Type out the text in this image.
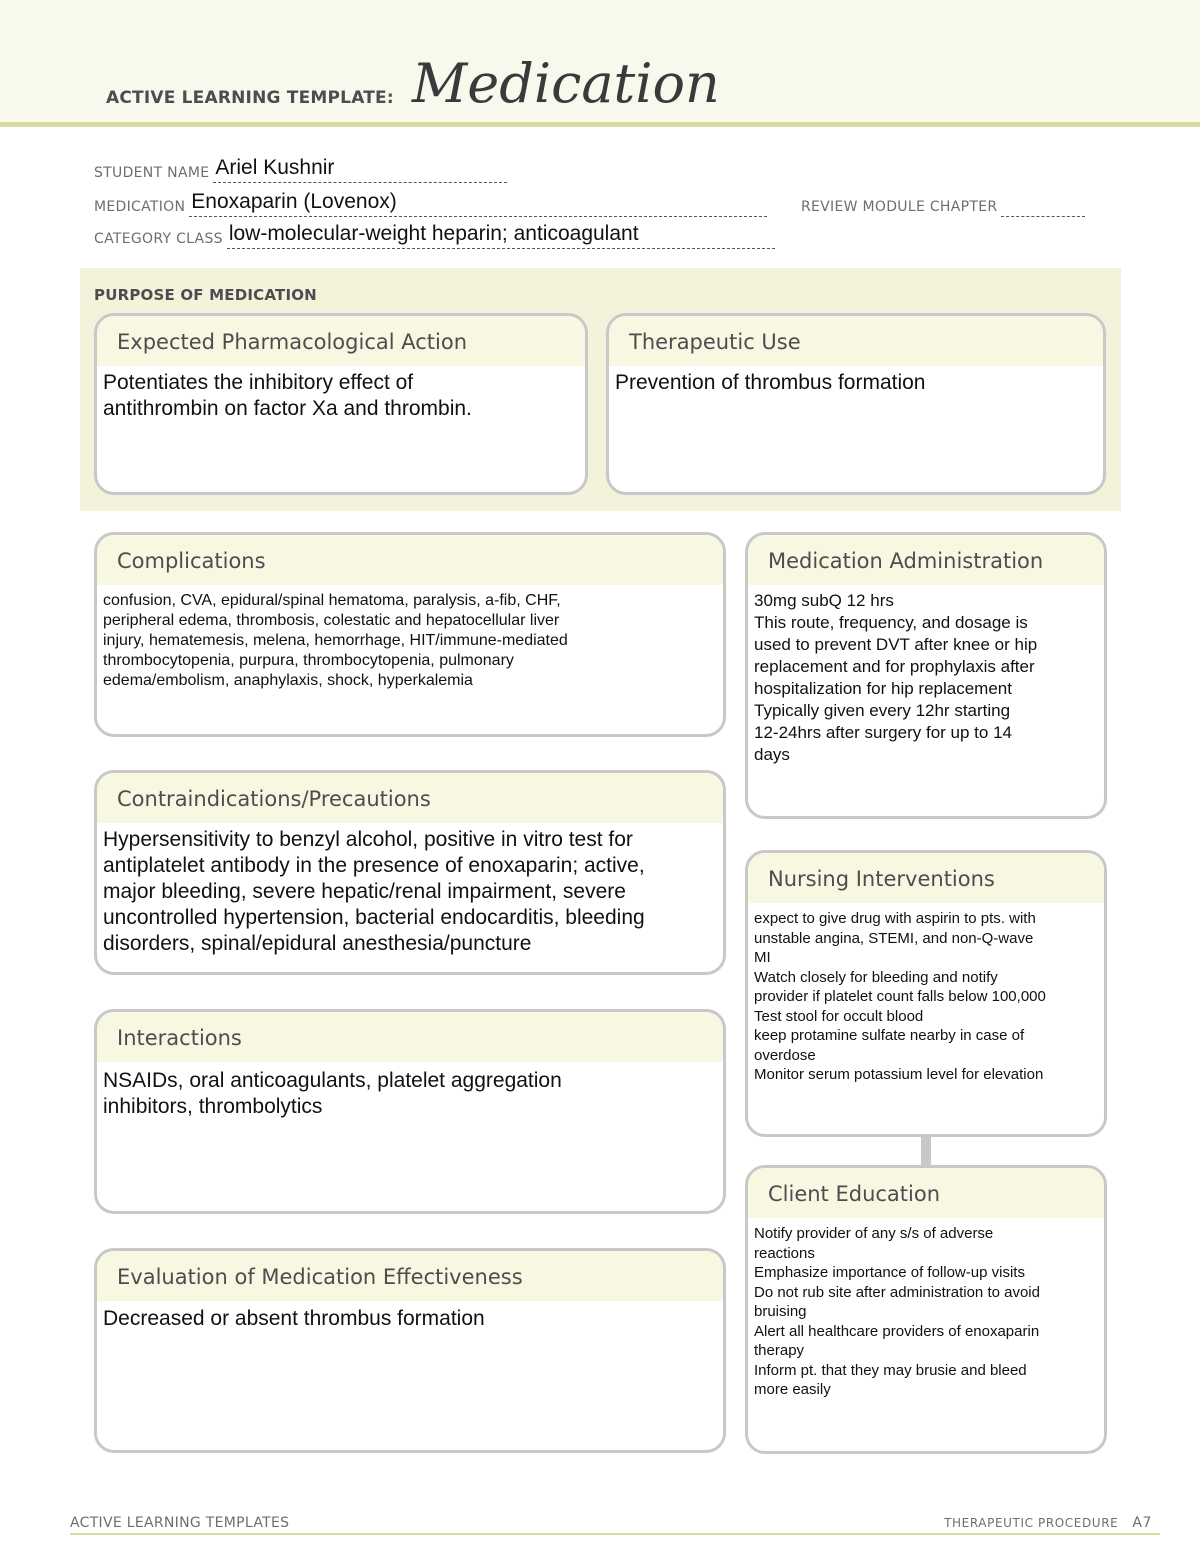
ACTIVE LEARNING TEMPLATE: Medication
STUDENT NAME Ariel Kushnir
MEDICATION Enoxaparin (Lovenox)	REVIEW MODULE CHAPTER
CATEGORY CLASS low-molecular-weight heparin; anticoagulant
PURPOSE OF MEDICATION
Expected Pharmacological Action
Potentiates the inhibitory effect of
antithrombin on factor Xa and thrombin.
Therapeutic Use
Prevention of thrombus formation
Complications
confusion, CVA, epidural/spinal hematoma, paralysis, a-fib, CHF,
peripheral edema, thrombosis, colestatic and hepatocellular liver
injury, hematemesis, melena, hemorrhage, HIT/immune-mediated
thrombocytopenia, purpura, thrombocytopenia, pulmonary
edema/embolism, anaphylaxis, shock, hyperkalemia
Medication Administration
30mg subQ 12 hrs
This route, frequency, and dosage is
used to prevent DVT after knee or hip
replacement and for prophylaxis after
hospitalization for hip replacement
Typically given every 12hr starting
12-24hrs after surgery for up to 14
days
Contraindications/Precautions
Hypersensitivity to benzyl alcohol, positive in vitro test for
antiplatelet antibody in the presence of enoxaparin; active,
major bleeding, severe hepatic/renal impairment, severe
uncontrolled hypertension, bacterial endocarditis, bleeding
disorders, spinal/epidural anesthesia/puncture
Nursing Interventions
expect to give drug with aspirin to pts. with
unstable angina, STEMI, and non-Q-wave
MI
Watch closely for bleeding and notify
provider if platelet count falls below 100,000
Test stool for occult blood
keep protamine sulfate nearby in case of
overdose
Monitor serum potassium level for elevation
Interactions
NSAIDs, oral anticoagulants, platelet aggregation
inhibitors, thrombolytics
Client Education
Notify provider of any s/s of adverse
reactions
Emphasize importance of follow-up visits
Do not rub site after administration to avoid
bruising
Alert all healthcare providers of enoxaparin
therapy
Inform pt. that they may brusie and bleed
more easily
Evaluation of Medication Effectiveness
Decreased or absent thrombus formation
ACTIVE LEARNING TEMPLATES	THERAPEUTIC PROCEDURE A7
